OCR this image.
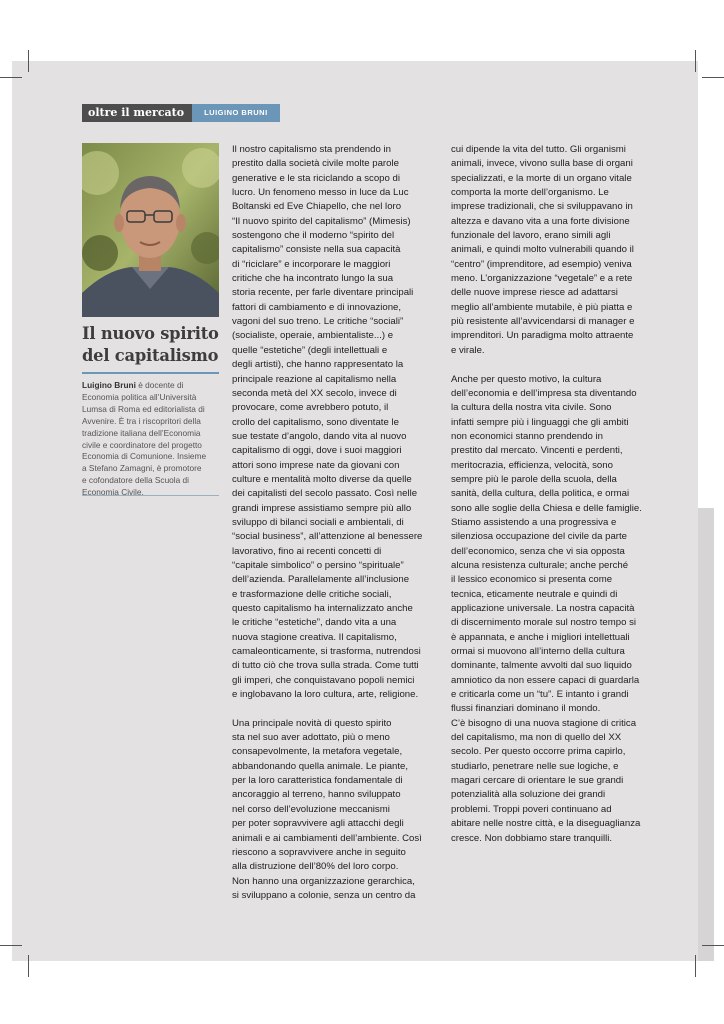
oltre il mercato	LUIGINO BRUNI
Il nuovo spirito
del capitalismo

Luigino Bruni è docente di
Economia politica all’Università
Lumsa di Roma ed editorialista di
Avvenire. È tra i riscopritori della
tradizione italiana dell’Economia
civile e coordinatore del progetto
Economia di Comunione. Insieme
a Stefano Zamagni, è promotore
e cofondatore della Scuola di
Economia Civile.

Il nostro capitalismo sta prendendo in
prestito dalla società civile molte parole
generative e le sta riciclando a scopo di
lucro. Un fenomeno messo in luce da Luc
Boltanski ed Eve Chiapello, che nel loro
“Il nuovo spirito del capitalismo” (Mimesis)
sostengono che il moderno “spirito del
capitalismo” consiste nella sua capacità
di “riciclare” e incorporare le maggiori
critiche che ha incontrato lungo la sua
storia recente, per farle diventare principali
fattori di cambiamento e di innovazione,
vagoni del suo treno. Le critiche “sociali”
(socialiste, operaie, ambientaliste...) e
quelle “estetiche” (degli intellettuali e
degli artisti), che hanno rappresentato la
principale reazione al capitalismo nella
seconda metà del XX secolo, invece di
provocare, come avrebbero potuto, il
crollo del capitalismo, sono diventate le
sue testate d’angolo, dando vita al nuovo
capitalismo di oggi, dove i suoi maggiori
attori sono imprese nate da giovani con
culture e mentalità molto diverse da quelle
dei capitalisti del secolo passato. Così nelle
grandi imprese assistiamo sempre più allo
sviluppo di bilanci sociali e ambientali, di
“social business”, all’attenzione al benessere
lavorativo, fino ai recenti concetti di
“capitale simbolico” o persino “spirituale”
dell’azienda. Parallelamente all’inclusione
e trasformazione delle critiche sociali,
questo capitalismo ha internalizzato anche
le critiche “estetiche”, dando vita a una
nuova stagione creativa. Il capitalismo,
camaleonticamente, si trasforma, nutrendosi
di tutto ciò che trova sulla strada. Come tutti
gli imperi, che conquistavano popoli nemici
e inglobavano la loro cultura, arte, religione.

Una principale novità di questo spirito
sta nel suo aver adottato, più o meno
consapevolmente, la metafora vegetale,
abbandonando quella animale. Le piante,
per la loro caratteristica fondamentale di
ancoraggio al terreno, hanno sviluppato
nel corso dell’evoluzione meccanismi
per poter sopravvivere agli attacchi degli
animali e ai cambiamenti dell’ambiente. Così
riescono a sopravvivere anche in seguito
alla distruzione dell’80% del loro corpo.
Non hanno una organizzazione gerarchica,
si sviluppano a colonie, senza un centro da

cui dipende la vita del tutto. Gli organismi
animali, invece, vivono sulla base di organi
specializzati, e la morte di un organo vitale
comporta la morte dell’organismo. Le
imprese tradizionali, che si sviluppavano in
altezza e davano vita a una forte divisione
funzionale del lavoro, erano simili agli
animali, e quindi molto vulnerabili quando il
“centro” (imprenditore, ad esempio) veniva
meno. L’organizzazione “vegetale” e a rete
delle nuove imprese riesce ad adattarsi
meglio all’ambiente mutabile, è più piatta e
più resistente all’avvicendarsi di manager e
imprenditori. Un paradigma molto attraente
e virale.

Anche per questo motivo, la cultura
dell’economia e dell’impresa sta diventando
la cultura della nostra vita civile. Sono
infatti sempre più i linguaggi che gli ambiti
non economici stanno prendendo in
prestito dal mercato. Vincenti e perdenti,
meritocrazia, efficienza, velocità, sono
sempre più le parole della scuola, della
sanità, della cultura, della politica, e ormai
sono alle soglie della Chiesa e delle famiglie.
Stiamo assistendo a una progressiva e
silenziosa occupazione del civile da parte
dell’economico, senza che vi sia opposta
alcuna resistenza culturale; anche perché
il lessico economico si presenta come
tecnica, eticamente neutrale e quindi di
applicazione universale. La nostra capacità
di discernimento morale sul nostro tempo si
è appannata, e anche i migliori intellettuali
ormai si muovono all’interno della cultura
dominante, talmente avvolti dal suo liquido
amniotico da non essere capaci di guardarla
e criticarla come un “tu”. E intanto i grandi
flussi finanziari dominano il mondo.
C’è bisogno di una nuova stagione di critica
del capitalismo, ma non di quello del XX
secolo. Per questo occorre prima capirlo,
studiarlo, penetrare nelle sue logiche, e
magari cercare di orientare le sue grandi
potenzialità alla soluzione dei grandi
problemi. Troppi poveri continuano ad
abitare nelle nostre città, e la diseguaglianza
cresce. Non dobbiamo stare tranquilli.
